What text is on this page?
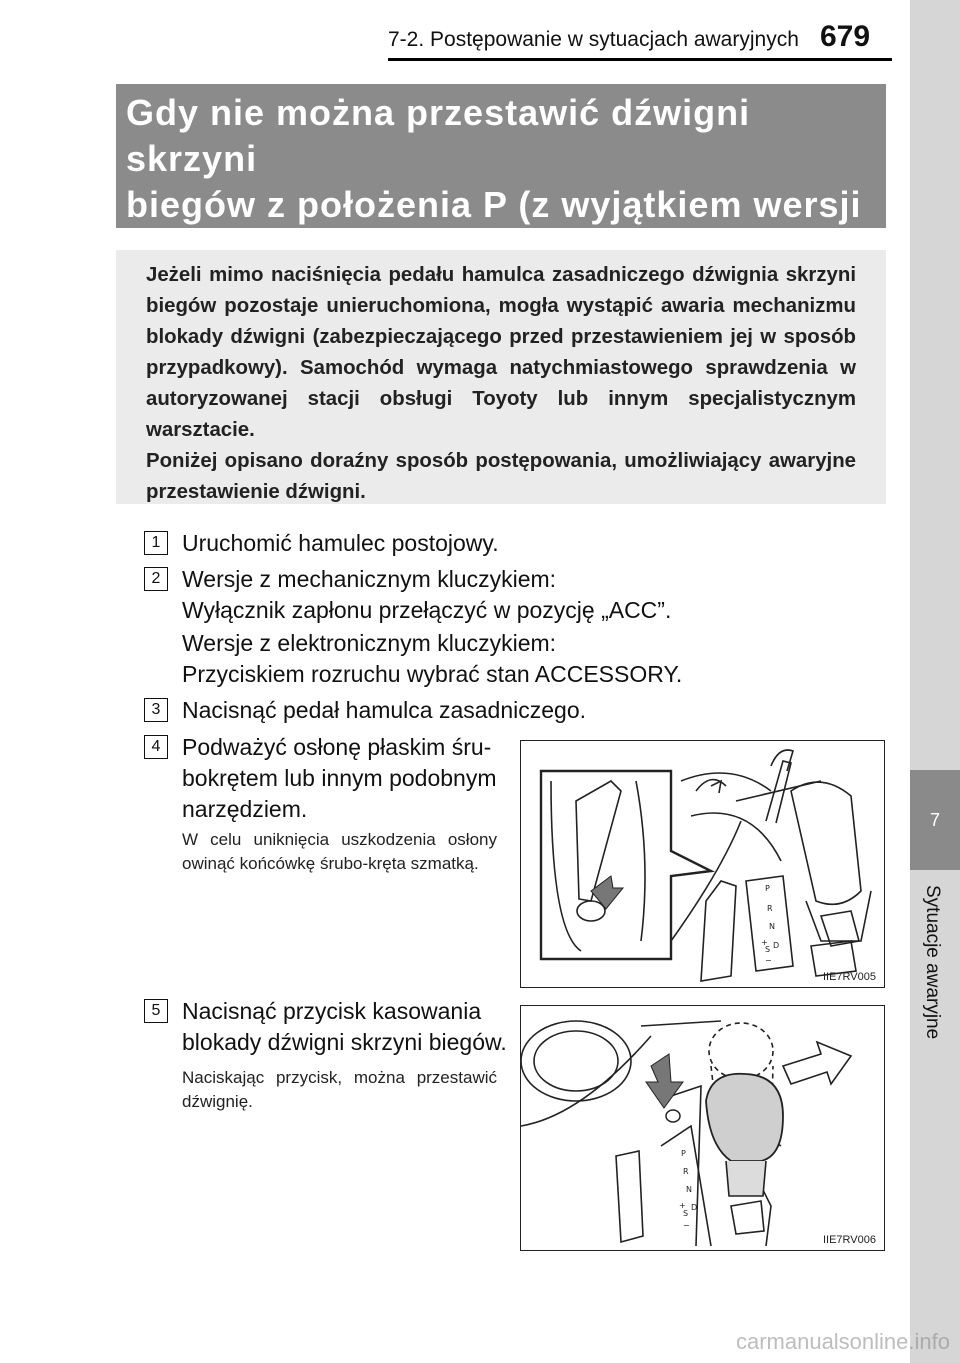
7-2. Postępowanie w sytuacjach awaryjnych 679
7
Sytuacje awaryjne
Gdy nie można przestawić dźwigni skrzyni
biegów z położenia P (z wyjątkiem wersji

Jeżeli mimo naciśnięcia pedału hamulca zasadniczego dźwignia skrzyni biegów pozostaje unieruchomiona, mogła wystąpić awaria mechanizmu blokady dźwigni (zabezpieczającego przed przestawieniem jej w sposób przypadkowy). Samochód wymaga natychmiastowego sprawdzenia w autoryzowanej stacji obsługi Toyoty lub innym specjalistycznym warsztacie.

Poniżej opisano doraźny sposób postępowania, umożliwiający awaryjne przestawienie dźwigni.

1 Uruchomić hamulec postojowy.
2 Wersje z mechanicznym kluczykiem:
Wyłącznik zapłonu przełączyć w pozycję „ACC”.
Wersje z elektronicznym kluczykiem:
Przyciskiem rozruchu wybrać stan ACCESSORY.
3 Nacisnąć pedał hamulca zasadniczego.
4 Podważyć osłonę płaskim śru-
bokrętem lub innym podobnym
narzędziem.
W celu uniknięcia uszkodzenia osłony owinąć końcówkę śrubo-kręta szmatką.
P
R
N
D
S
+
−
IIE7RV005
5 Nacisnąć przycisk kasowania
blokady dźwigni skrzyni biegów.
Naciskając przycisk, można przestawić dźwignię.
P
R
N
D
S
+
−
IIE7RV006
carmanualsonline.info
